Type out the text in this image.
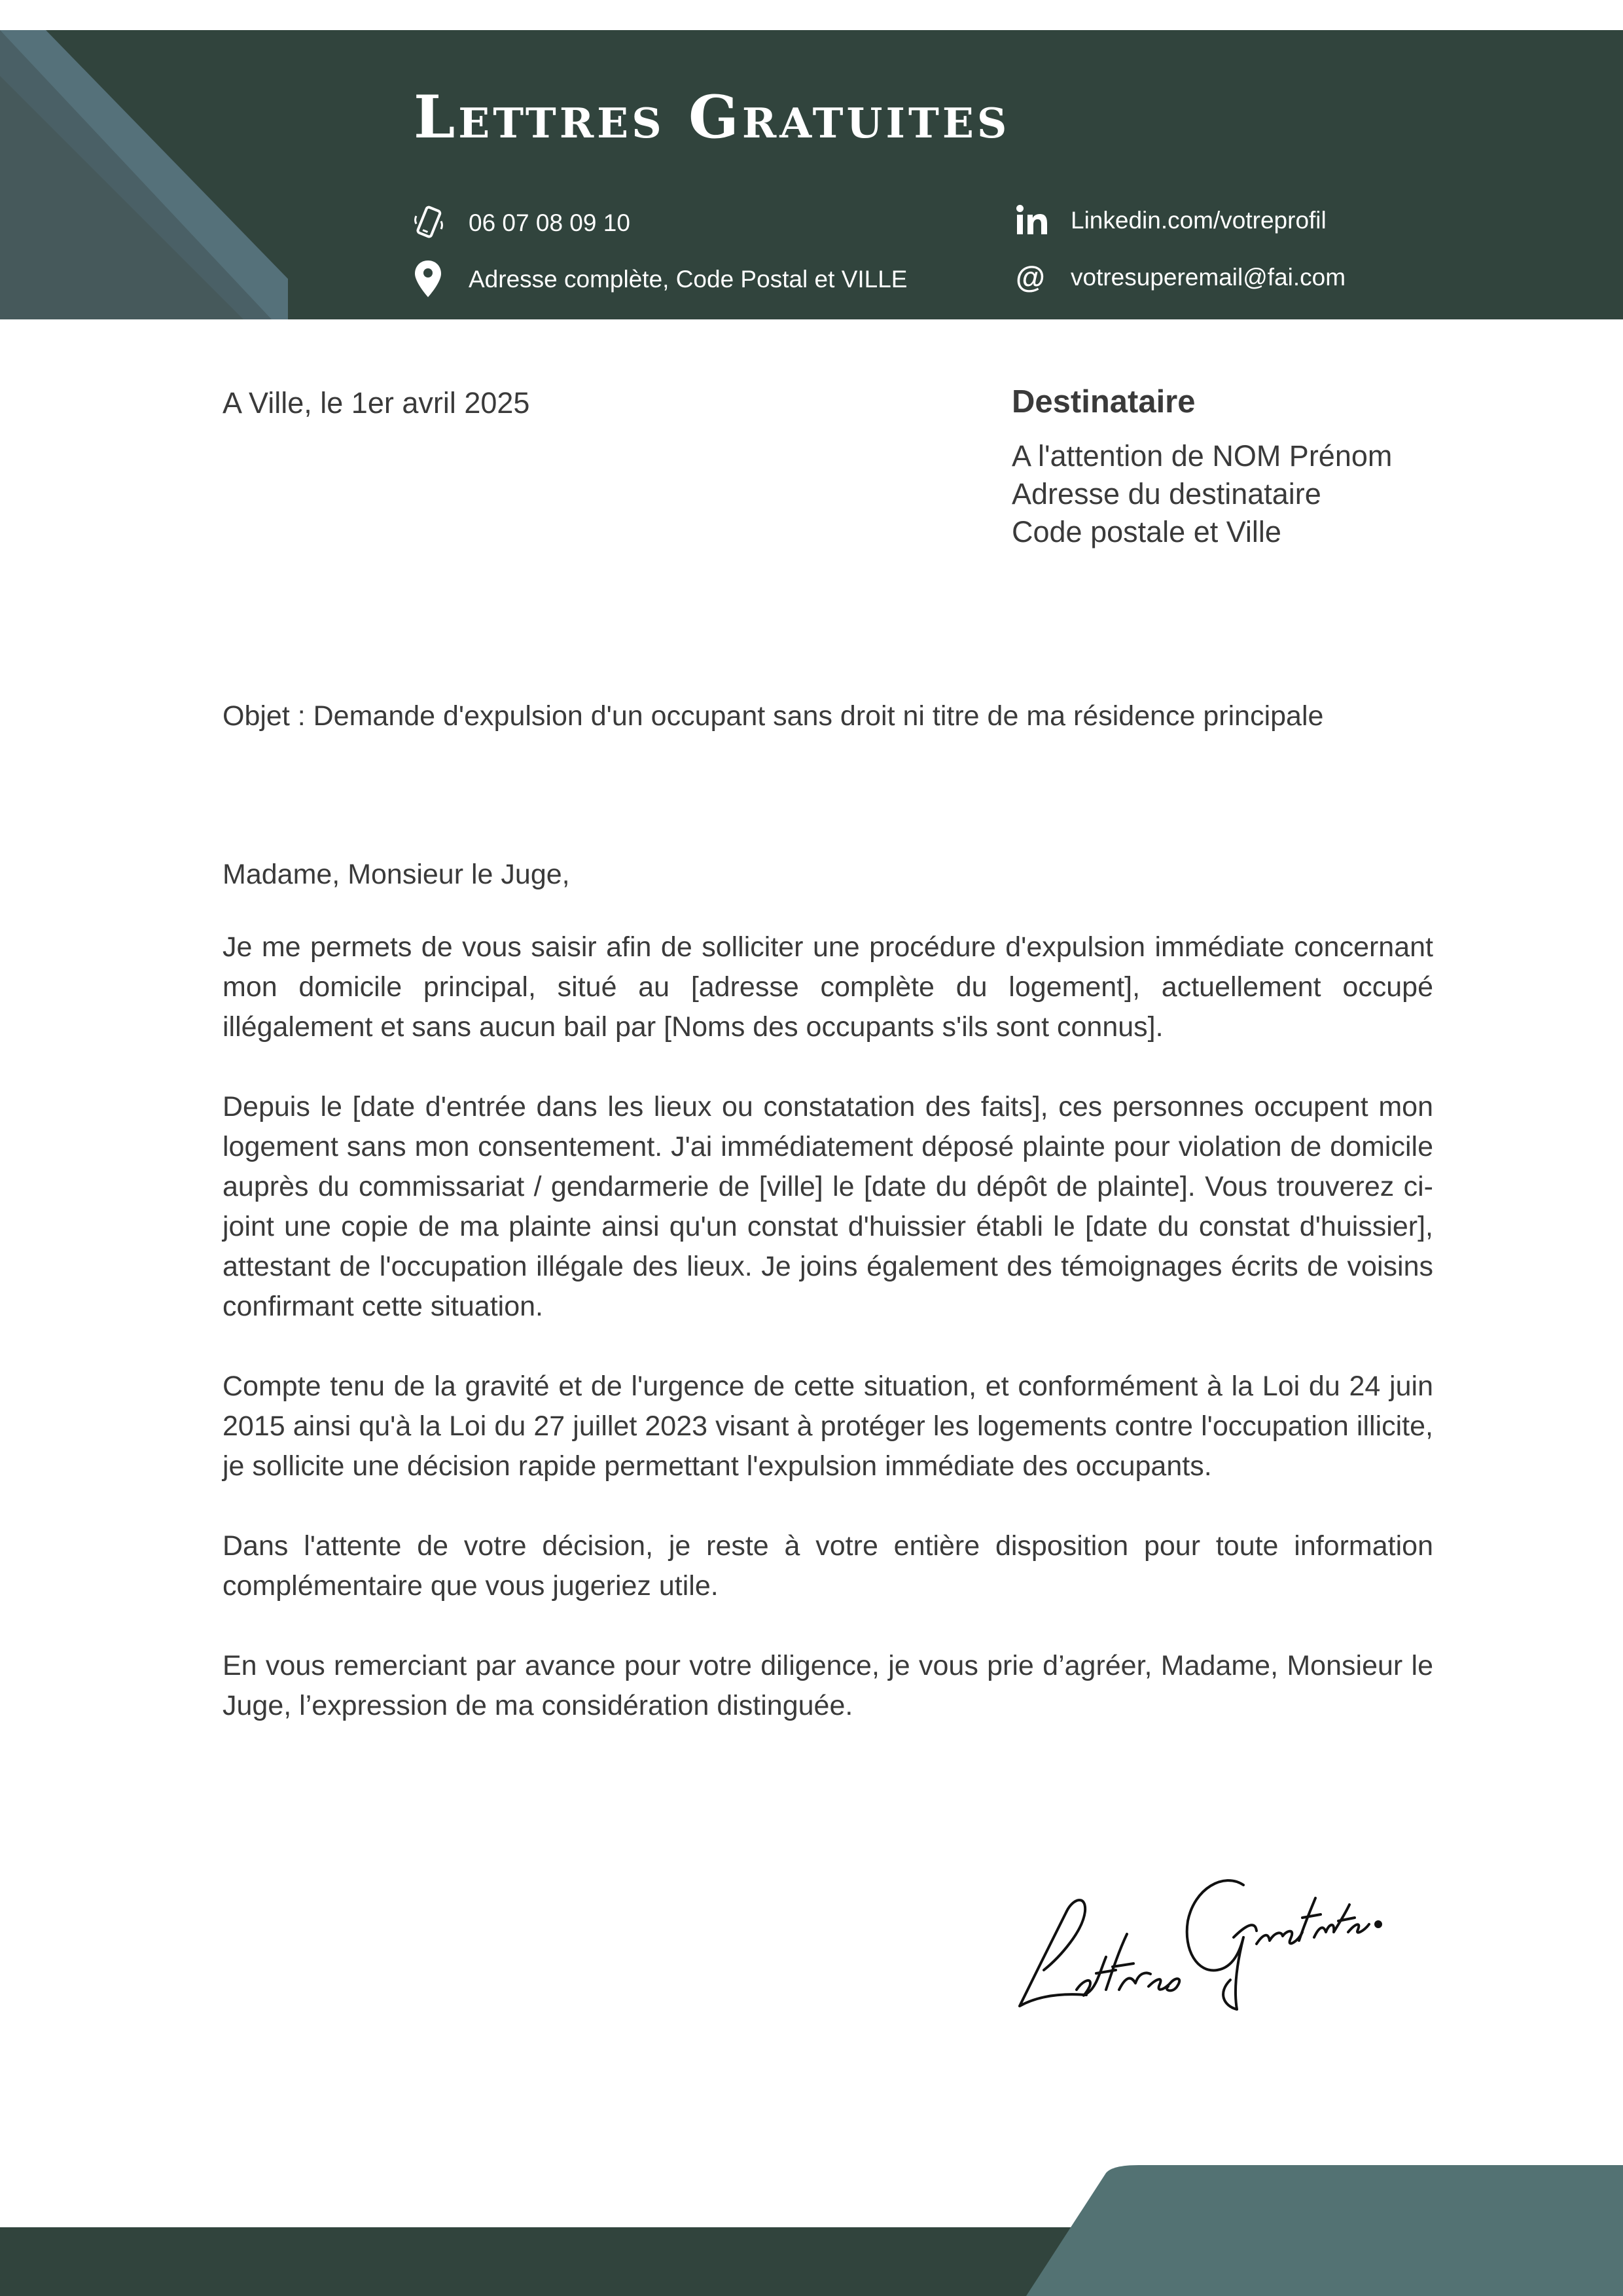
Lettres Gratuites
06 07 08 09 10
Adresse complète, Code Postal et VILLE
Linkedin.com/votreprofil
@ votresuperemail@fai.com
A Ville, le 1er avril 2025	Destinataire
A l'attention de NOM Prénom
Adresse du destinataire
Code postale et Ville
Objet : Demande d'expulsion d'un occupant sans droit ni titre de ma résidence principale

Madame, Monsieur le Juge,

Je me permets de vous saisir afin de solliciter une procédure d'expulsion immédiate concernant mon domicile principal, situé au [adresse complète du logement], actuellement occupé illégalement et sans aucun bail par [Noms des occupants s'ils sont connus].

Depuis le [date d'entrée dans les lieux ou constatation des faits], ces personnes occupent mon logement sans mon consentement. J'ai immédiatement déposé plainte pour violation de domicile auprès du commissariat / gendarmerie de [ville] le [date du dépôt de plainte]. Vous trouverez ci-joint une copie de ma plainte ainsi qu'un constat d'huissier établi le [date du constat d'huissier], attestant de l'occupation illégale des lieux. Je joins également des témoignages écrits de voisins confirmant cette situation.

Compte tenu de la gravité et de l'urgence de cette situation, et conformément à la Loi du 24 juin 2015 ainsi qu'à la Loi du 27 juillet 2023 visant à protéger les logements contre l'occupation illicite, je sollicite une décision rapide permettant l'expulsion immédiate des occupants.

Dans l'attente de votre décision, je reste à votre entière disposition pour toute information complémentaire que vous jugeriez utile.

En vous remerciant par avance pour votre diligence, je vous prie d’agréer, Madame, Monsieur le Juge, l’expression de ma considération distinguée.
